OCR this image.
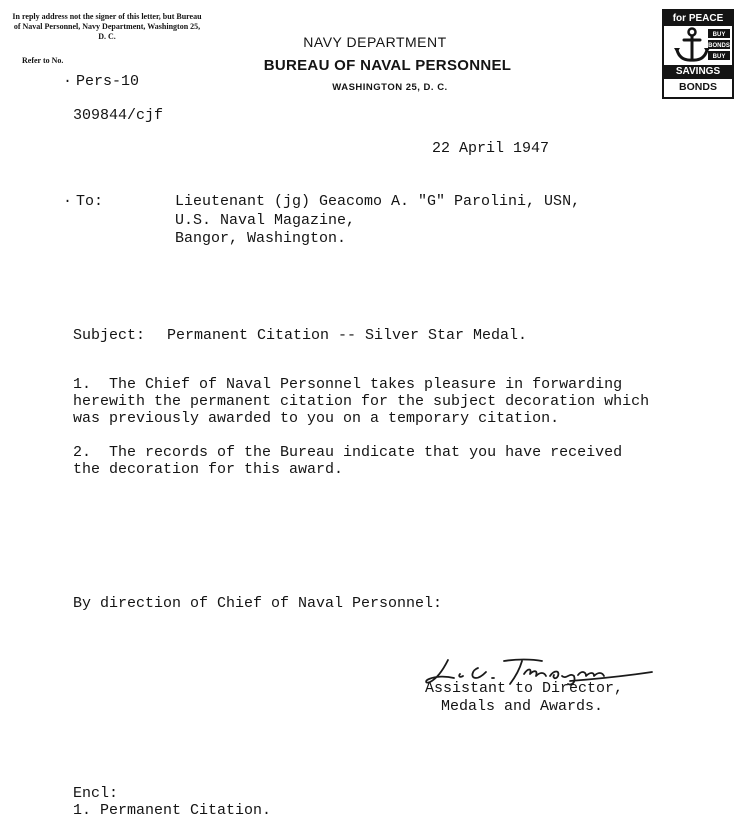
In reply address not the signer of this letter, but Bureau of Naval Personnel, Navy Department, Washington 25, D. C.
Refer to No.
NAVY DEPARTMENT
BUREAU OF NAVAL PERSONNEL
WASHINGTON 25, D. C.
for PEACE
BUY
BONDS
BUY
SAVINGS
BONDS
· Pers-10
309844/cjf
22 April 1947
· To:	Lieutenant (jg) Geacomo A. "G" Parolini, USN,
U.S. Naval Magazine,
Bangor, Washington.
Subject: Permanent Citation -- Silver Star Medal.
1.  The Chief of Naval Personnel takes pleasure in forwarding
herewith the permanent citation for the subject decoration which
was previously awarded to you on a temporary citation.
2.  The records of the Bureau indicate that you have received
the decoration for this award.
By direction of Chief of Naval Personnel:
Assistant to Director,
Medals and Awards.
Encl:
1. Permanent Citation.
